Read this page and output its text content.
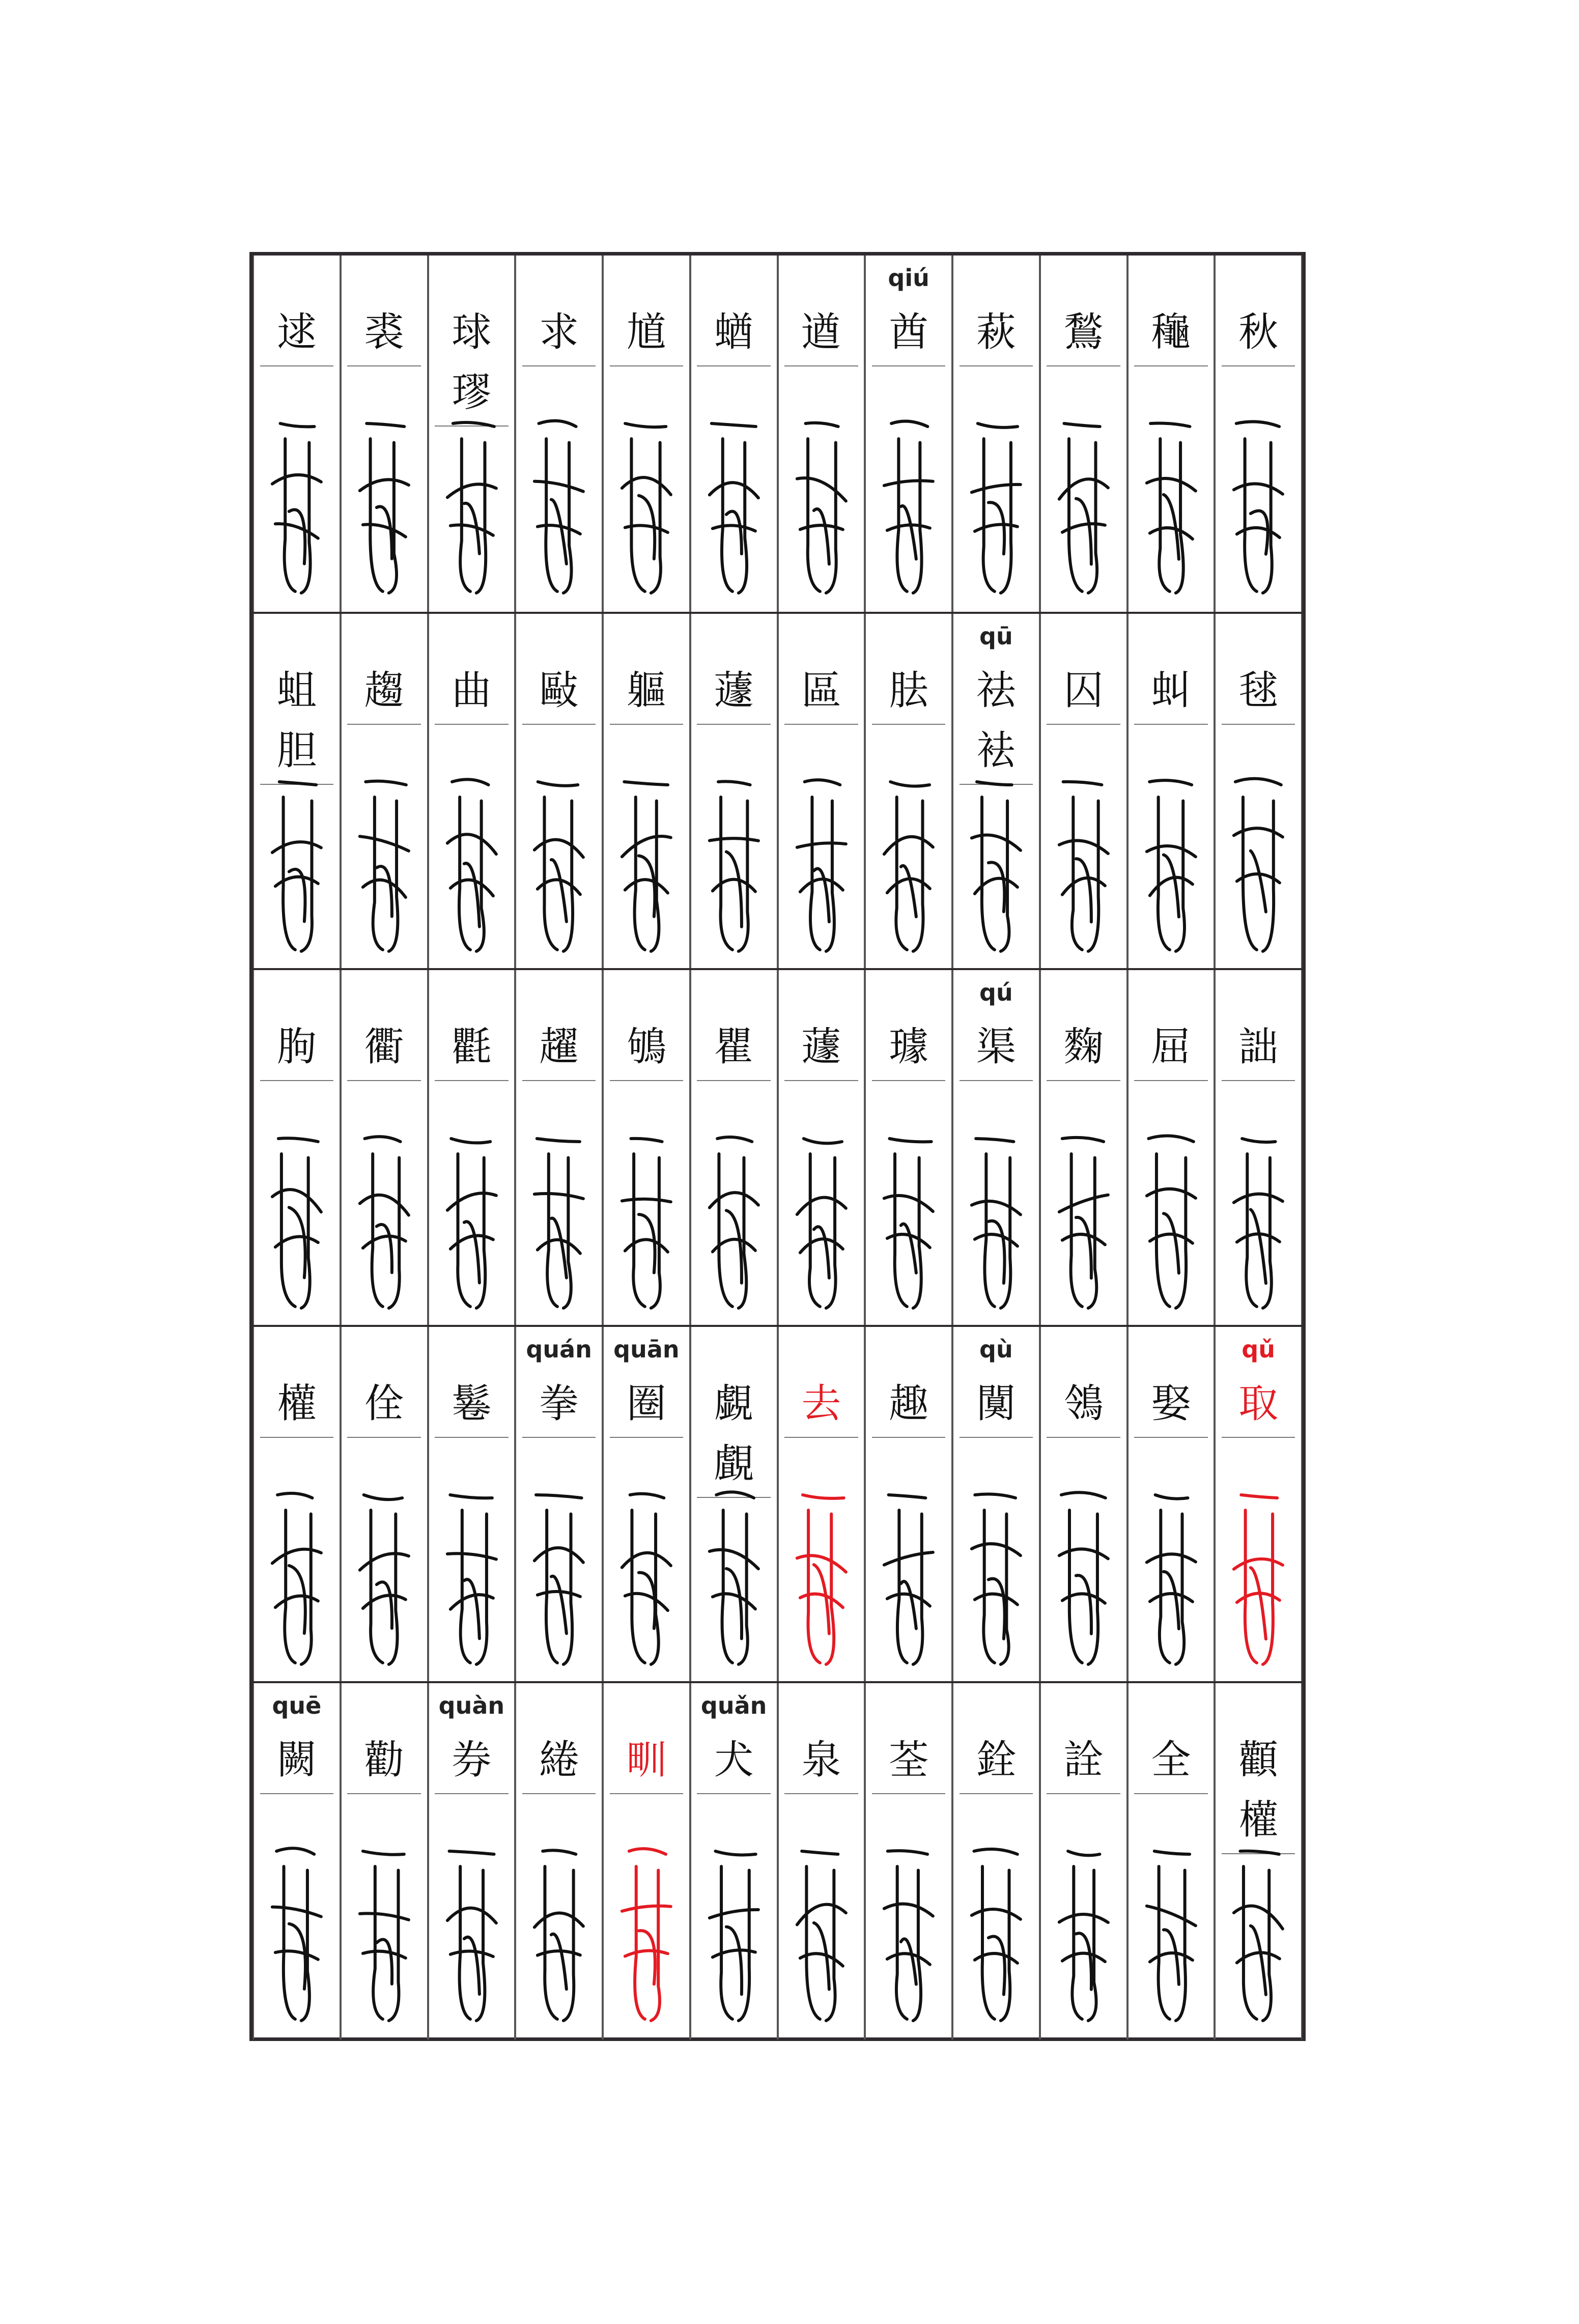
秋
龝
鶖
萩
qiú
酋
遒
蝤
馗
求
球
璆
裘
逑
毬
虯
囚
qū
祛
袪
胠
區
蘧
軀
敺
曲
趨
蛆
胆
詘
屈
麴
qú
渠
璩
蘧
瞿
鴝
趯
氍
衢
朐
qǔ
取
娶
鴒
qù
闃
趣
去
覷
覰
quān
圈
quán
拳
鬈
佺
權
顴
權
全
詮
銓
荃
泉
quǎn
犬
甽
綣
quàn
券
勸
quē
闕
